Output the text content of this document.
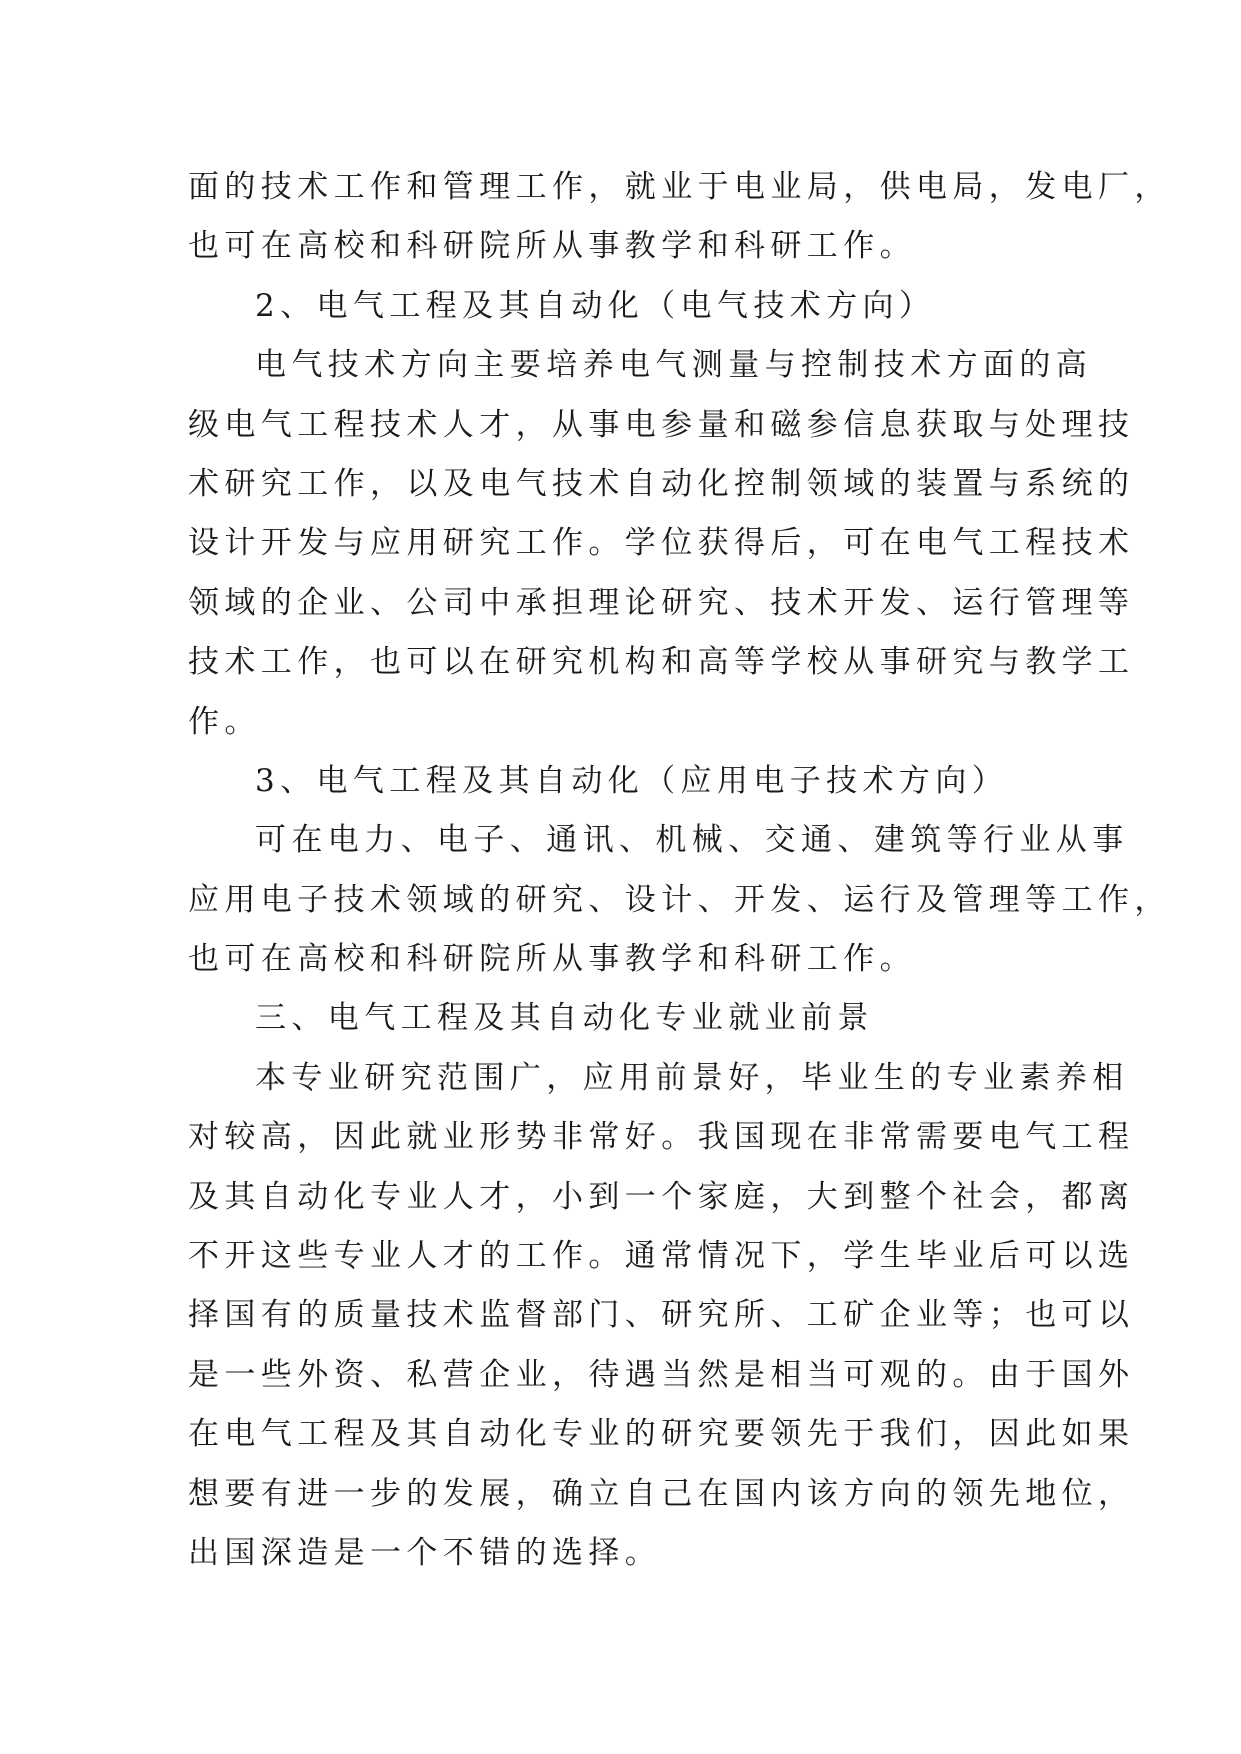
面的技术工作和管理工作，就业于电业局，供电局，发电厂，
也可在高校和科研院所从事教学和科研工作。
2、电气工程及其自动化（电气技术方向）
电气技术方向主要培养电气测量与控制技术方面的高
级电气工程技术人才，从事电参量和磁参信息获取与处理技
术研究工作，以及电气技术自动化控制领域的装置与系统的
设计开发与应用研究工作。学位获得后，可在电气工程技术
领域的企业、公司中承担理论研究、技术开发、运行管理等
技术工作，也可以在研究机构和高等学校从事研究与教学工
作。
3、电气工程及其自动化（应用电子技术方向）
可在电力、电子、通讯、机械、交通、建筑等行业从事
应用电子技术领域的研究、设计、开发、运行及管理等工作，
也可在高校和科研院所从事教学和科研工作。
三、电气工程及其自动化专业就业前景
本专业研究范围广，应用前景好，毕业生的专业素养相
对较高，因此就业形势非常好。我国现在非常需要电气工程
及其自动化专业人才，小到一个家庭，大到整个社会，都离
不开这些专业人才的工作。通常情况下，学生毕业后可以选
择国有的质量技术监督部门、研究所、工矿企业等；也可以
是一些外资、私营企业，待遇当然是相当可观的。由于国外
在电气工程及其自动化专业的研究要领先于我们，因此如果
想要有进一步的发展，确立自己在国内该方向的领先地位，
出国深造是一个不错的选择。
